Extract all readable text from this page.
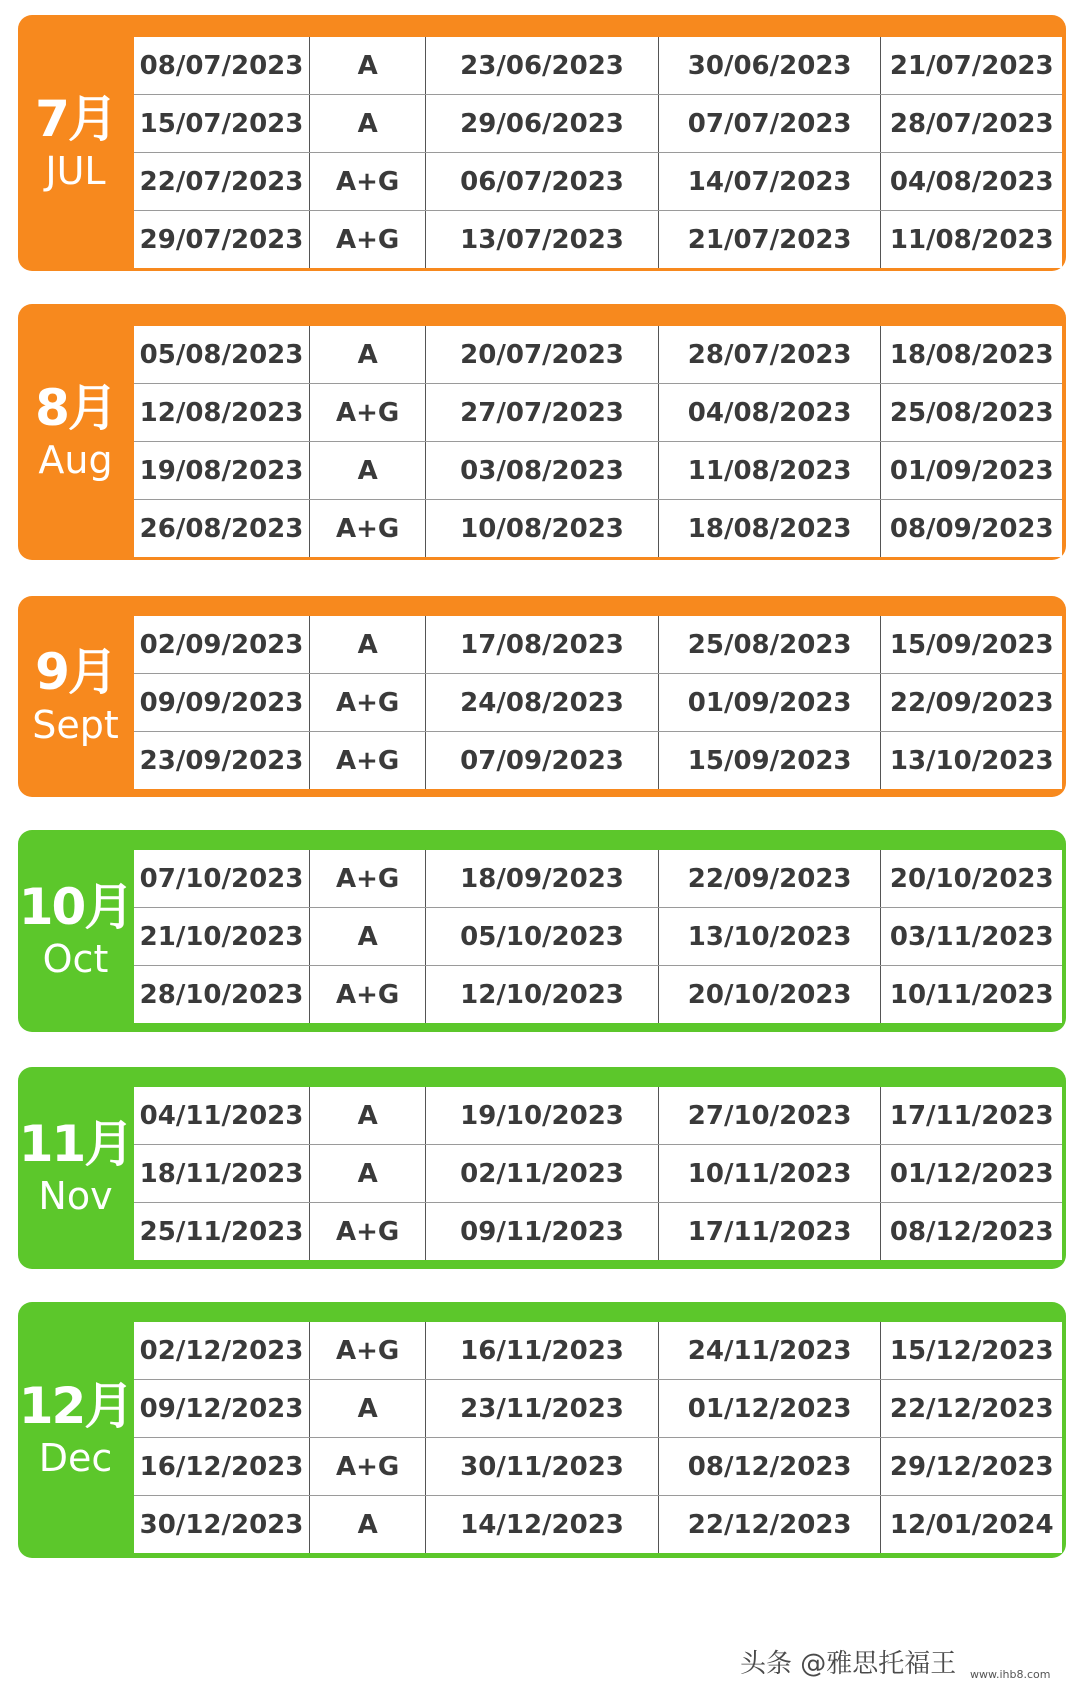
7月
JUL
08/07/2023	A	23/06/2023	30/06/2023	21/07/2023
15/07/2023	A	29/06/2023	07/07/2023	28/07/2023
22/07/2023	A+G	06/07/2023	14/07/2023	04/08/2023
29/07/2023	A+G	13/07/2023	21/07/2023	11/08/2023
8月
Aug
05/08/2023	A	20/07/2023	28/07/2023	18/08/2023
12/08/2023	A+G	27/07/2023	04/08/2023	25/08/2023
19/08/2023	A	03/08/2023	11/08/2023	01/09/2023
26/08/2023	A+G	10/08/2023	18/08/2023	08/09/2023
9月
Sept
02/09/2023	A	17/08/2023	25/08/2023	15/09/2023
09/09/2023	A+G	24/08/2023	01/09/2023	22/09/2023
23/09/2023	A+G	07/09/2023	15/09/2023	13/10/2023
10月
Oct
07/10/2023	A+G	18/09/2023	22/09/2023	20/10/2023
21/10/2023	A	05/10/2023	13/10/2023	03/11/2023
28/10/2023	A+G	12/10/2023	20/10/2023	10/11/2023
11月
Nov
04/11/2023	A	19/10/2023	27/10/2023	17/11/2023
18/11/2023	A	02/11/2023	10/11/2023	01/12/2023
25/11/2023	A+G	09/11/2023	17/11/2023	08/12/2023
12月
Dec
02/12/2023	A+G	16/11/2023	24/11/2023	15/12/2023
09/12/2023	A	23/11/2023	01/12/2023	22/12/2023
16/12/2023	A+G	30/11/2023	08/12/2023	29/12/2023
30/12/2023	A	14/12/2023	22/12/2023	12/01/2024
头条 @雅思托福王 www.ihb8.com
